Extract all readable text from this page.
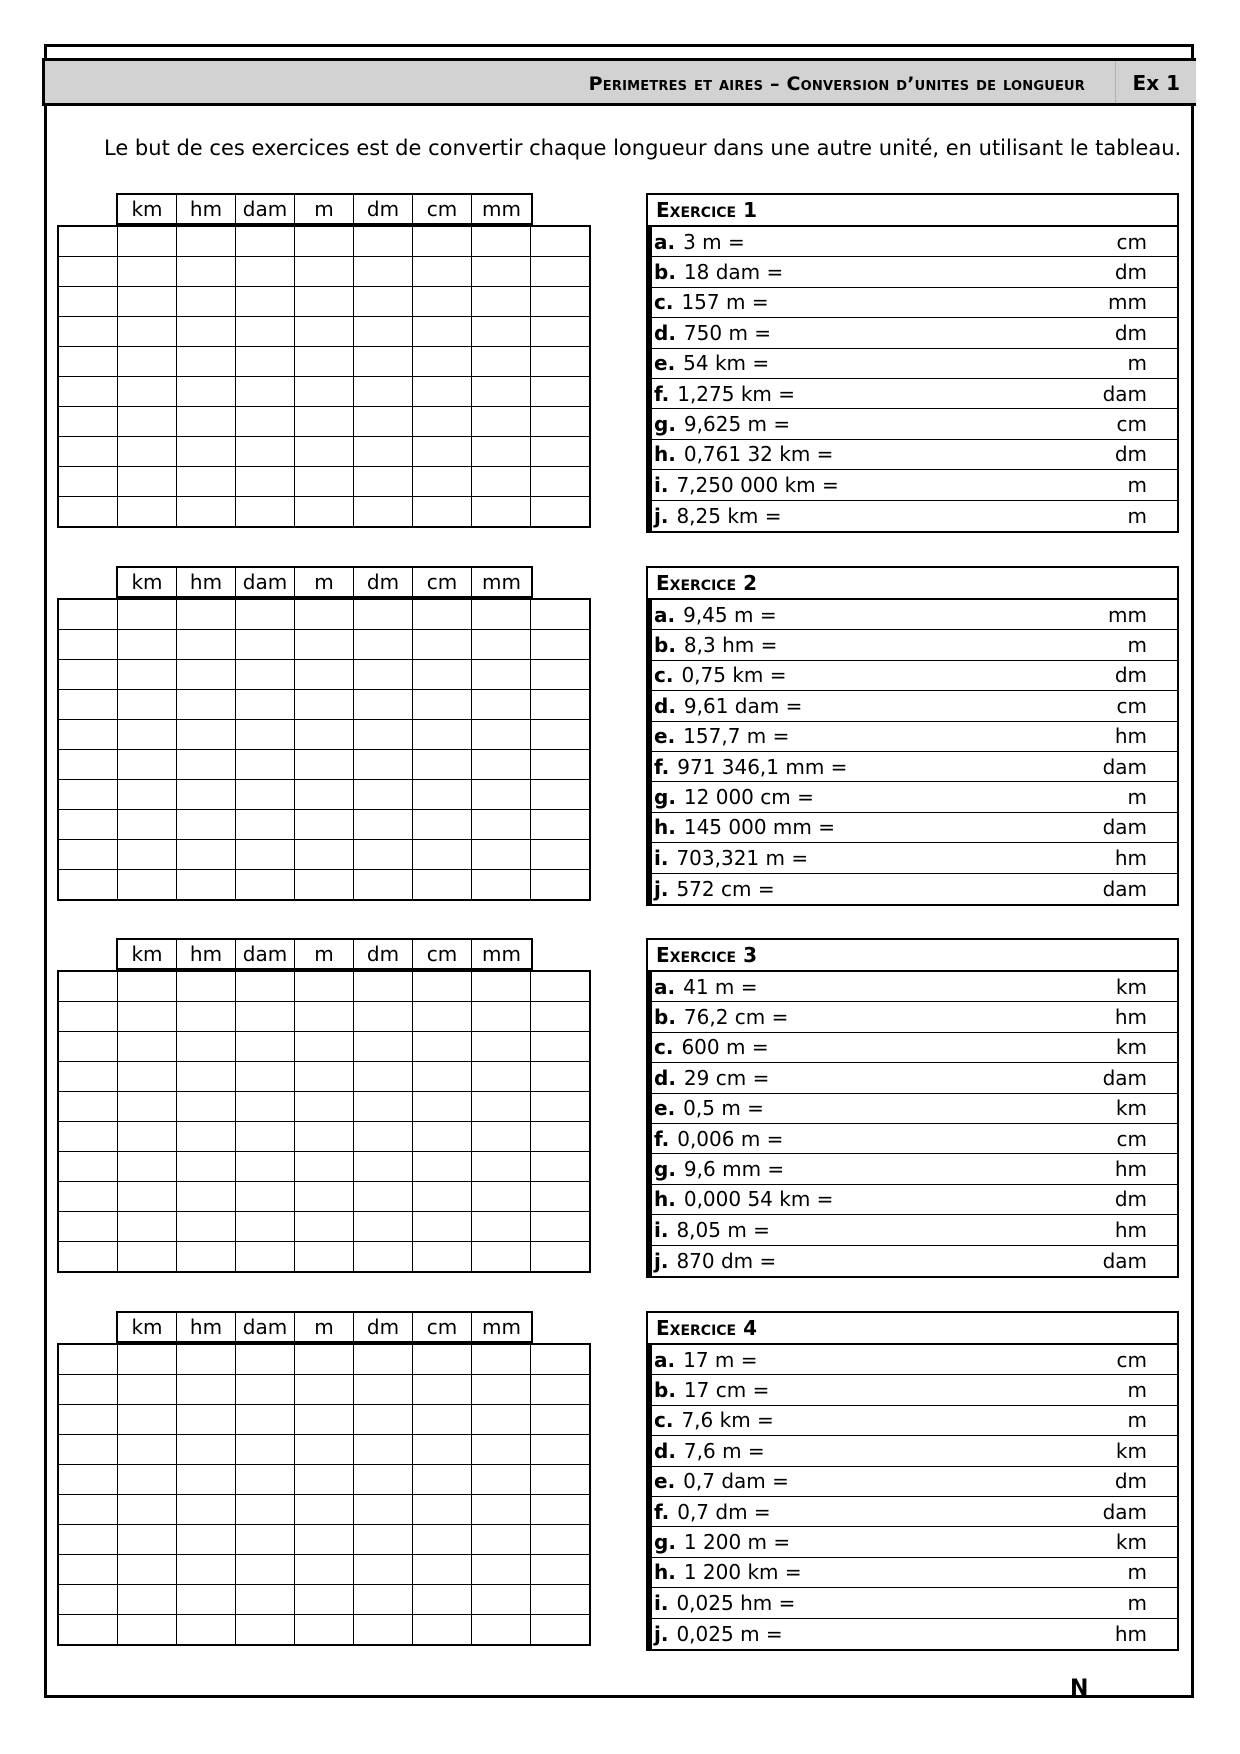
Perimetres et aires – Conversion d’unites de longueur Ex 1
Le but de ces exercices est de convertir chaque longueur dans une autre unité, en utilisant le tableau.
km	hm	dam	m	dm	cm	mm

									Exercice 1
a. 3 m =	cm
b. 18 dam =	dm
c. 157 m =	mm
d. 750 m =	dm
e. 54 km =	m
f. 1,275 km =	dam
g. 9,625 m =	cm
h. 0,761 32 km =	dm
i. 7,250 000 km =	m
j. 8,25 km =	m
km	hm	dam	m	dm	cm	mm

									Exercice 2
a. 9,45 m =	mm
b. 8,3 hm =	m
c. 0,75 km =	dm
d. 9,61 dam =	cm
e. 157,7 m =	hm
f. 971 346,1 mm =	dam
g. 12 000 cm =	m
h. 145 000 mm =	dam
i. 703,321 m =	hm
j. 572 cm =	dam
km	hm	dam	m	dm	cm	mm

									Exercice 3
a. 41 m =	km
b. 76,2 cm =	hm
c. 600 m =	km
d. 29 cm =	dam
e. 0,5 m =	km
f. 0,006 m =	cm
g. 9,6 mm =	hm
h. 0,000 54 km =	dm
i. 8,05 m =	hm
j. 870 dm =	dam
km	hm	dam	m	dm	cm	mm

									Exercice 4
a. 17 m =	cm
b. 17 cm =	m
c. 7,6 km =	m
d. 7,6 m =	km
e. 0,7 dam =	dm
f. 0,7 dm =	dam
g. 1 200 m =	km
h. 1 200 km =	m
i. 0,025 hm =	m
j. 0,025 m =	hm
N
